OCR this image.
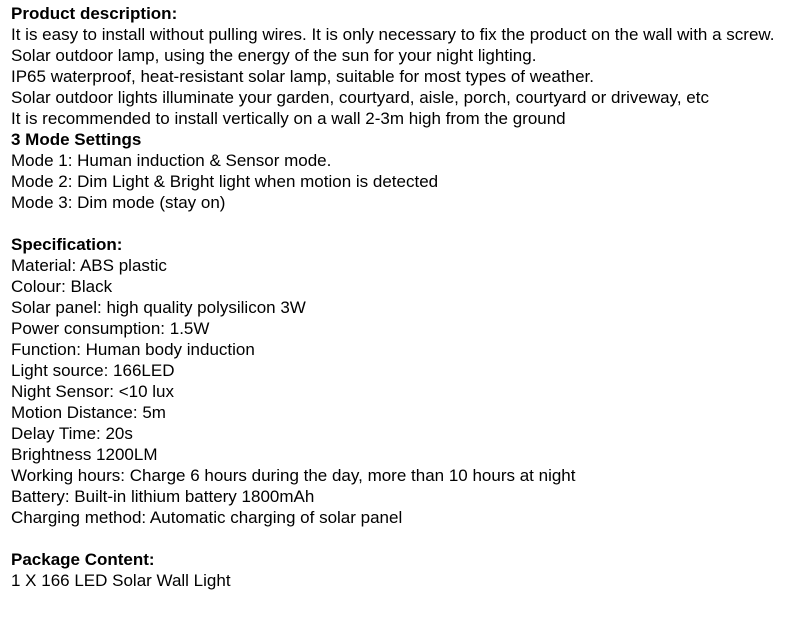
Product description:
It is easy to install without pulling wires. It is only necessary to fix the product on the wall with a screw.
Solar outdoor lamp, using the energy of the sun for your night lighting.
IP65 waterproof, heat-resistant solar lamp, suitable for most types of weather.
Solar outdoor lights illuminate your garden, courtyard, aisle, porch, courtyard or driveway, etc
It is recommended to install vertically on a wall 2-3m high from the ground
3 Mode Settings
Mode 1: Human induction & Sensor mode.
Mode 2: Dim Light & Bright light when motion is detected
Mode 3: Dim mode (stay on)
Specification:
Material: ABS plastic
Colour: Black
Solar panel: high quality polysilicon 3W
Power consumption: 1.5W
Function: Human body induction
Light source: 166LED
Night Sensor: <10 lux
Motion Distance: 5m
Delay Time: 20s
Brightness 1200LM
Working hours: Charge 6 hours during the day, more than 10 hours at night
Battery: Built-in lithium battery 1800mAh
Charging method: Automatic charging of solar panel
Package Content:
1 X 166 LED Solar Wall Light
